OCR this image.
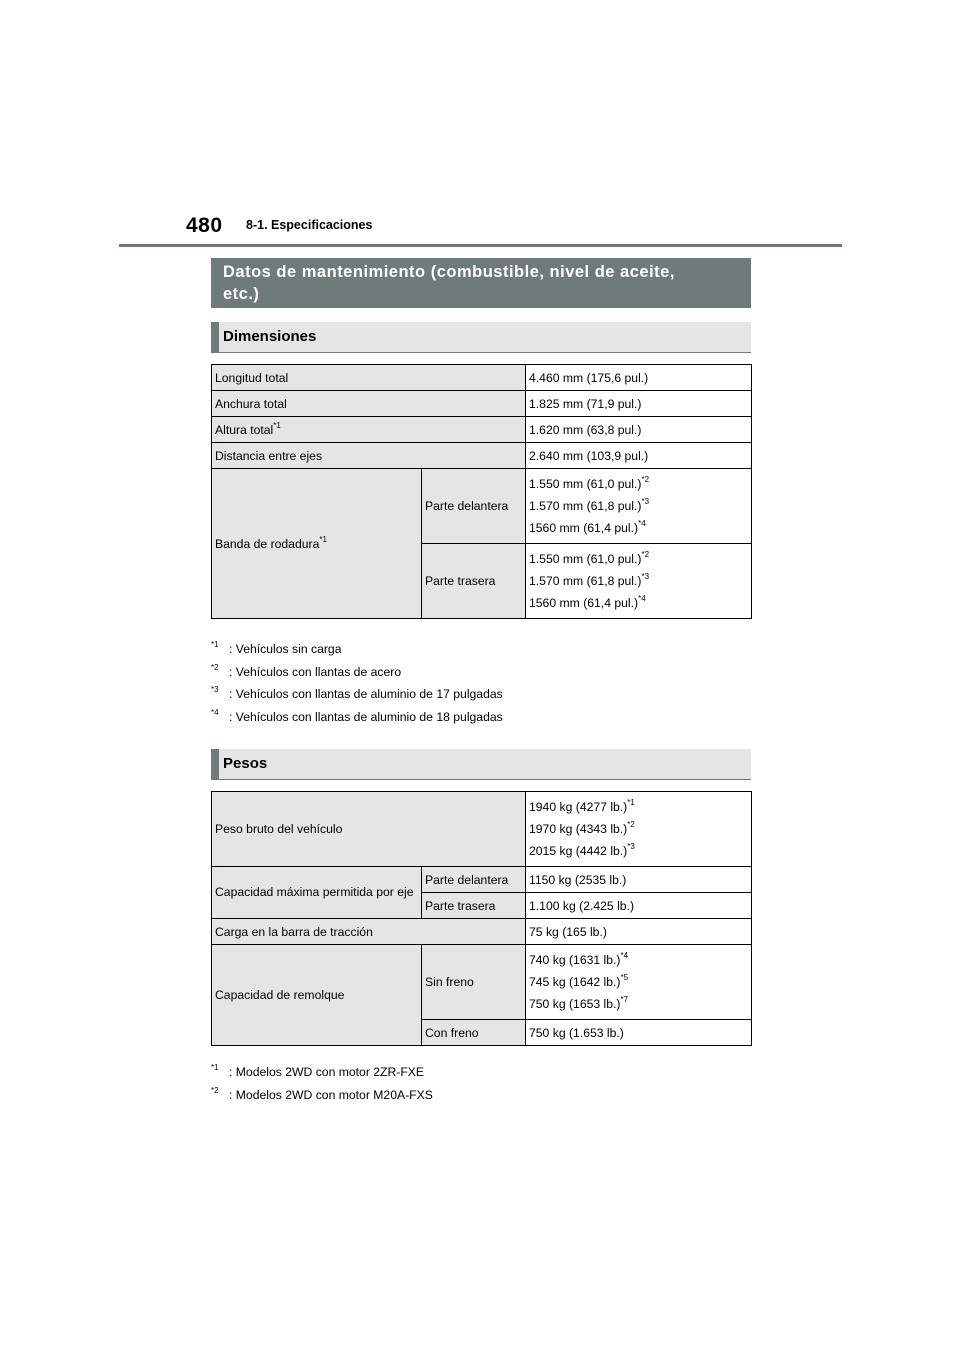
480 8-1. Especificaciones
Datos de mantenimiento (combustible, nivel de aceite,
etc.)
Dimensiones
Longitud total		4.460 mm (175,6 pul.)
Anchura total		1.825 mm (71,9 pul.)
Altura total$^{*1}$		1.620 mm (63,8 pul.)
Distancia entre ejes		2.640 mm (103,9 pul.)
Banda de rodadura$^{*1}$	Parte delantera	1.550 mm (61,0 pul.)$^{*2}$
1.570 mm (61,8 pul.)$^{*3}$
1560 mm (61,4 pul.)$^{*4}$

	Parte trasera	1.550 mm (61,0 pul.)$^{*2}$
1.570 mm (61,8 pul.)$^{*3}$
1560 mm (61,4 pul.)$^{*4}$
$^{*1}$ : Vehículos sin carga
$^{*2}$ : Vehículos con llantas de acero
$^{*3}$ : Vehículos con llantas de aluminio de 17 pulgadas
$^{*4}$ : Vehículos con llantas de aluminio de 18 pulgadas
Pesos
Peso bruto del vehículo		1940 kg (4277 lb.)$^{*1}$
1970 kg (4343 lb.)$^{*2}$
2015 kg (4442 lb.)$^{*3}$

Capacidad máxima permitida por eje	Parte delantera	1150 kg (2535 lb.)
	Parte trasera	1.100 kg (2.425 lb.)
Carga en la barra de tracción		75 kg (165 lb.)
Capacidad de remolque	Sin freno	740 kg (1631 lb.)$^{*4}$
745 kg (1642 lb.)$^{*5}$
750 kg (1653 lb.)$^{*7}$

	Con freno	750 kg (1.653 lb.)
$^{*1}$ : Modelos 2WD con motor 2ZR-FXE
$^{*2}$ : Modelos 2WD con motor M20A-FXS
